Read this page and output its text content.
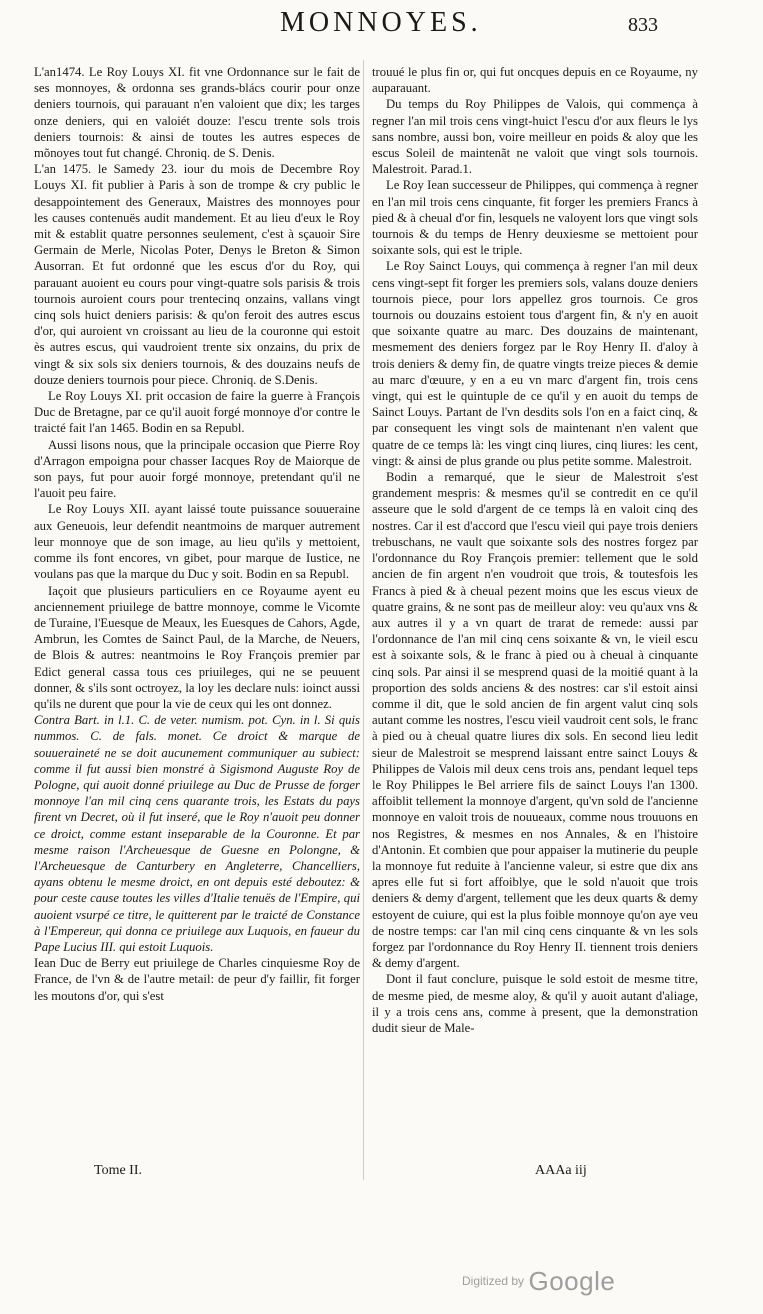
MONNOYES.	833

L'an1474. Le Roy Louys XI. fit vne Ordonnance sur le fait de ses monnoyes, & ordonna ses grands-blács courir pour onze deniers tournois, qui parauant n'en valoient que dix; les targes onze deniers, qui en valoiét douze: l'escu trente sols trois deniers tournois: & ainsi de toutes les autres especes de mõnoyes tout fut changé. Chroniq. de S. Denis.

L'an 1475. le Samedy 23. iour du mois de Decembre Roy Louys XI. fit publier à Paris à son de trompe & cry public le desappointement des Generaux, Maistres des monnoyes pour les causes contenuës audit mandement. Et au lieu d'eux le Roy mit & establit quatre personnes seulement, c'est à sçauoir Sire Germain de Merle, Nicolas Poter, Denys le Breton & Simon Ausorran. Et fut ordonné que les escus d'or du Roy, qui parauant auoient eu cours pour vingt-quatre sols parisis & trois tournois auroient cours pour trentecinq onzains, vallans vingt cinq sols huict deniers parisis: & qu'on feroit des autres escus d'or, qui auroient vn croissant au lieu de la couronne qui estoit ès autres escus, qui vaudroient trente six onzains, du prix de vingt & six sols six deniers tournois, & des douzains neufs de douze deniers tournois pour piece. Chroniq. de S.Denis.

Le Roy Louys XI. prit occasion de faire la guerre à François Duc de Bretagne, par ce qu'il auoit forgé monnoye d'or contre le traicté fait l'an 1465. Bodin en sa Republ.

Aussi lisons nous, que la principale occasion que Pierre Roy d'Arragon empoigna pour chasser Iacques Roy de Maiorque de son pays, fut pour auoir forgé monnoye, pretendant qu'il ne l'auoit peu faire.

Le Roy Louys XII. ayant laissé toute puissance souueraine aux Geneuois, leur defendit neantmoins de marquer autrement leur monnoye que de son image, au lieu qu'ils y mettoient, comme ils font encores, vn gibet, pour marque de Iustice, ne voulans pas que la marque du Duc y soit. Bodin en sa Republ.

Iaçoit que plusieurs particuliers en ce Royaume ayent eu anciennement priuilege de battre monnoye, comme le Vicomte de Turaine, l'Euesque de Meaux, les Euesques de Cahors, Agde, Ambrun, les Comtes de Sainct Paul, de la Marche, de Neuers, de Blois & autres: neantmoins le Roy François premier par Edict general cassa tous ces priuileges, qui ne se peuuent donner, & s'ils sont octroyez, la loy les declare nuls: ioinct aussi qu'ils ne durent que pour la vie de ceux qui les ont donnez.

Contra Bart. in l.1. C. de veter. numism. pot. Cyn. in l. Si quis nummos. C. de fals. monet. Ce droict & marque de souueraineté ne se doit aucunement communiquer au subiect: comme il fut aussi bien monstré à Sigismond Auguste Roy de Pologne, qui auoit donné priuilege au Duc de Prusse de forger monnoye l'an mil cinq cens quarante trois, les Estats du pays firent vn Decret, où il fut inseré, que le Roy n'auoit peu donner ce droict, comme estant inseparable de la Couronne. Et par mesme raison l'Archeuesque de Guesne en Polongne, & l'Archeuesque de Canturbery en Angleterre, Chancelliers, ayans obtenu le mesme droict, en ont depuis esté deboutez: & pour ceste cause toutes les villes d'Italie tenuës de l'Empire, qui auoient vsurpé ce titre, le quitterent par le traicté de Constance à l'Empereur, qui donna ce priuilege aux Luquois, en faueur du Pape Lucius III. qui estoit Luquois.

Iean Duc de Berry eut priuilege de Charles cinquiesme Roy de France, de l'vn & de l'autre metail: de peur d'y faillir, fit forger les moutons d'or, qui s'est

trouué le plus fin or, qui fut oncques depuis en ce Royaume, ny auparauant.

Du temps du Roy Philippes de Valois, qui commença à regner l'an mil trois cens vingt-huict l'escu d'or aux fleurs le lys sans nombre, aussi bon, voire meilleur en poids & aloy que les escus Soleil de maintenãt ne valoit que vingt sols tournois. Malestroit. Parad.1.

Le Roy Iean successeur de Philippes, qui commença à regner en l'an mil trois cens cinquante, fit forger les premiers Francs à pied & à cheual d'or fin, lesquels ne valoyent lors que vingt sols tournois & du temps de Henry deuxiesme se mettoient pour soixante sols, qui est le triple.

Le Roy Sainct Louys, qui commença à regner l'an mil deux cens vingt-sept fit forger les premiers sols, valans douze deniers tournois piece, pour lors appellez gros tournois. Ce gros tournois ou douzains estoient tous d'argent fin, & n'y en auoit que soixante quatre au marc. Des douzains de maintenant, mesmement des deniers forgez par le Roy Henry II. d'aloy à trois deniers & demy fin, de quatre vingts treize pieces & demie au marc d'œuure, y en a eu vn marc d'argent fin, trois cens vingt, qui est le quintuple de ce qu'il y en auoit du temps de Sainct Louys. Partant de l'vn desdits sols l'on en a faict cinq, & par consequent les vingt sols de maintenant n'en valent que quatre de ce temps là: les vingt cinq liures, cinq liures: les cent, vingt: & ainsi de plus grande ou plus petite somme. Malestroit.

Bodin a remarqué, que le sieur de Malestroit s'est grandement mespris: & mesmes qu'il se contredit en ce qu'il asseure que le sold d'argent de ce temps là en valoit cinq des nostres. Car il est d'accord que l'escu vieil qui paye trois deniers trebuschans, ne vault que soixante sols des nostres forgez par l'ordonnance du Roy François premier: tellement que le sold ancien de fin argent n'en voudroit que trois, & toutesfois les Francs à pied & à cheual pezent moins que les escus vieux de quatre grains, & ne sont pas de meilleur aloy: veu qu'aux vns & aux autres il y a vn quart de trarat de remede: aussi par l'ordonnance de l'an mil cinq cens soixante & vn, le vieil escu est à soixante sols, & le franc à pied ou à cheual à cinquante cinq sols. Par ainsi il se mesprend quasi de la moitié quant à la proportion des solds anciens & des nostres: car s'il estoit ainsi comme il dit, que le sold ancien de fin argent valut cinq sols autant comme les nostres, l'escu vieil vaudroit cent sols, le franc à pied ou à cheual quatre liures dix sols. En second lieu ledit sieur de Malestroit se mesprend laissant entre sainct Louys & Philippes de Valois mil deux cens trois ans, pendant lequel teps le Roy Philippes le Bel arriere fils de sainct Louys l'an 1300. affoiblit tellement la monnoye d'argent, qu'vn sold de l'ancienne monnoye en valoit trois de nouueaux, comme nous trouuons en nos Registres, & mesmes en nos Annales, & en l'histoire d'Antonin. Et combien que pour appaiser la mutinerie du peuple la monnoye fut reduite à l'ancienne valeur, si estre que dix ans apres elle fut si fort affoiblye, que le sold n'auoit que trois deniers & demy d'argent, tellement que les deux quarts & demy estoyent de cuiure, qui est la plus foible monnoye qu'on aye veu de nostre temps: car l'an mil cinq cens cinquante & vn les sols forgez par l'ordonnance du Roy Henry II. tiennent trois deniers & demy d'argent.

Dont il faut conclure, puisque le sold estoit de mesme titre, de mesme pied, de mesme aloy, & qu'il y auoit autant d'aliage, il y a trois cens ans, comme à present, que la demonstration dudit sieur de Male-

Tome II.	AAAa iij
Digitized by Google
